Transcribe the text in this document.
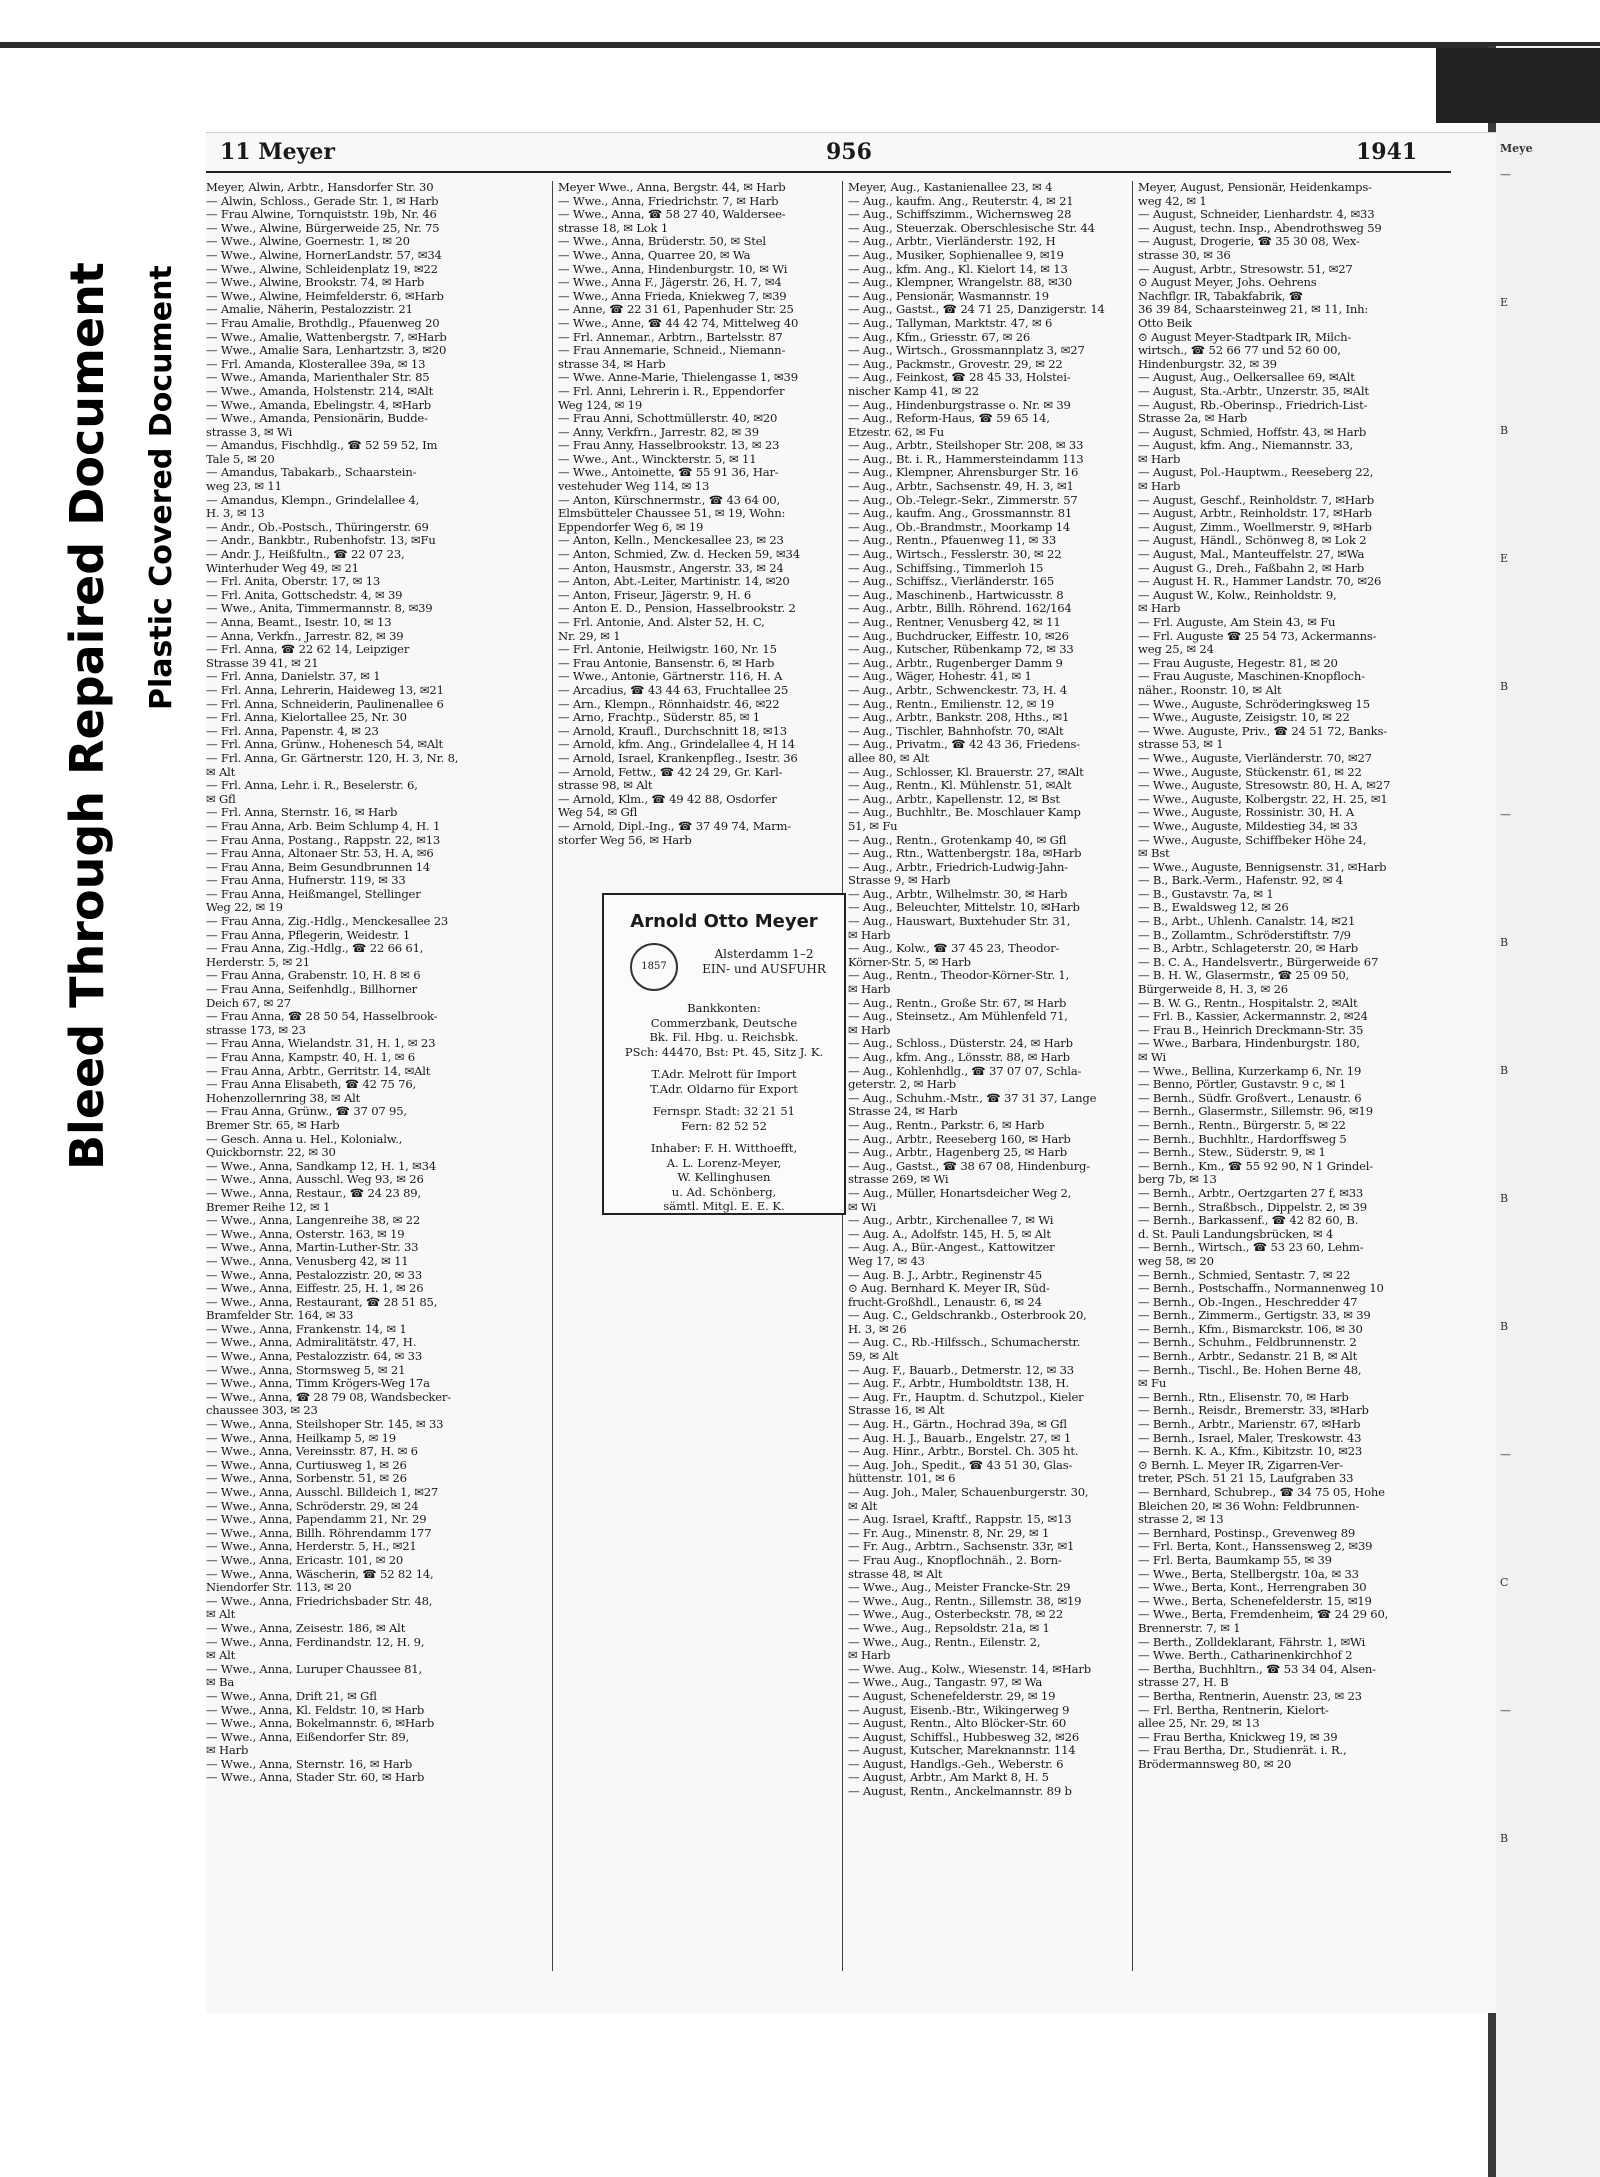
Meye
—
E
B
E
B
—
B
B
B
B
—
C
—
B
Bleed Through Repaired Document Plastic Covered Document
11 Meyer	956	1941
Meyer, Alwin, Arbtr., Hansdorfer Str. 30
— Alwin, Schloss., Gerade Str. 1, ✉ Harb
— Frau Alwine, Tornquiststr. 19b, Nr. 46
— Wwe., Alwine, Bürgerweide 25, Nr. 75
— Wwe., Alwine, Goernestr. 1, ✉ 20
— Wwe., Alwine, HornerLandstr. 57, ✉34
— Wwe., Alwine, Schleidenplatz 19, ✉22
— Wwe., Alwine, Brookstr. 74, ✉ Harb
— Wwe., Alwine, Heimfelderstr. 6, ✉Harb
— Amalie, Näherin, Pestalozzistr. 21
— Frau Amalie, Brothdlg., Pfauenweg 20
— Wwe., Amalie, Wattenbergstr. 7, ✉Harb
— Wwe., Amalie Sara, Lenhartzstr. 3, ✉20
— Frl. Amanda, Klosterallee 39a, ✉ 13
— Wwe., Amanda, Marienthaler Str. 85
— Wwe., Amanda, Holstenstr. 214, ✉Alt
— Wwe., Amanda, Ebelingstr. 4, ✉Harb
— Wwe., Amanda, Pensionärin, Budde-
strasse 3, ✉ Wi
— Amandus, Fischhdlg., ☎ 52 59 52, Im
Tale 5, ✉ 20
— Amandus, Tabakarb., Schaarstein-
weg 23, ✉ 11
— Amandus, Klempn., Grindelallee 4,
H. 3, ✉ 13
— Andr., Ob.-Postsch., Thüringerstr. 69
— Andr., Bankbtr., Rubenhofstr. 13, ✉Fu
— Andr. J., Heißfultn., ☎ 22 07 23,
Winterhuder Weg 49, ✉ 21
— Frl. Anita, Oberstr. 17, ✉ 13
— Frl. Anita, Gottschedstr. 4, ✉ 39
— Wwe., Anita, Timmermannstr. 8, ✉39
— Anna, Beamt., Isestr. 10, ✉ 13
— Anna, Verkfn., Jarrestr. 82, ✉ 39
— Frl. Anna, ☎ 22 62 14, Leipziger
Strasse 39 41, ✉ 21
— Frl. Anna, Danielstr. 37, ✉ 1
— Frl. Anna, Lehrerin, Haideweg 13, ✉21
— Frl. Anna, Schneiderin, Paulinenallee 6
— Frl. Anna, Kielortallee 25, Nr. 30
— Frl. Anna, Papenstr. 4, ✉ 23
— Frl. Anna, Grünw., Hohenesch 54, ✉Alt
— Frl. Anna, Gr. Gärtnerstr. 120, H. 3, Nr. 8,
✉ Alt
— Frl. Anna, Lehr. i. R., Beselerstr. 6,
✉ Gfl
— Frl. Anna, Sternstr. 16, ✉ Harb
— Frau Anna, Arb. Beim Schlump 4, H. 1
— Frau Anna, Postang., Rappstr. 22, ✉13
— Frau Anna, Altonaer Str. 53, H. A, ✉6
— Frau Anna, Beim Gesundbrunnen 14
— Frau Anna, Hufnerstr. 119, ✉ 33
— Frau Anna, Heißmangel, Stellinger
Weg 22, ✉ 19
— Frau Anna, Zig.-Hdlg., Menckesallee 23
— Frau Anna, Pflegerin, Weidestr. 1
— Frau Anna, Zig.-Hdlg., ☎ 22 66 61,
Herderstr. 5, ✉ 21
— Frau Anna, Grabenstr. 10, H. 8 ✉ 6
— Frau Anna, Seifenhdlg., Billhorner
Deich 67, ✉ 27
— Frau Anna, ☎ 28 50 54, Hasselbrook-
strasse 173, ✉ 23
— Frau Anna, Wielandstr. 31, H. 1, ✉ 23
— Frau Anna, Kampstr. 40, H. 1, ✉ 6
— Frau Anna, Arbtr., Gerritstr. 14, ✉Alt
— Frau Anna Elisabeth, ☎ 42 75 76,
Hohenzollernring 38, ✉ Alt
— Frau Anna, Grünw., ☎ 37 07 95,
Bremer Str. 65, ✉ Harb
— Gesch. Anna u. Hel., Kolonialw.,
Quickbornstr. 22, ✉ 30
— Wwe., Anna, Sandkamp 12, H. 1, ✉34
— Wwe., Anna, Ausschl. Weg 93, ✉ 26
— Wwe., Anna, Restaur., ☎ 24 23 89,
Bremer Reihe 12, ✉ 1
— Wwe., Anna, Langenreihe 38, ✉ 22
— Wwe., Anna, Osterstr. 163, ✉ 19
— Wwe., Anna, Martin-Luther-Str. 33
— Wwe., Anna, Venusberg 42, ✉ 11
— Wwe., Anna, Pestalozzistr. 20, ✉ 33
— Wwe., Anna, Eiffestr. 25, H. 1, ✉ 26
— Wwe., Anna, Restaurant, ☎ 28 51 85,
Bramfelder Str. 164, ✉ 33
— Wwe., Anna, Frankenstr. 14, ✉ 1
— Wwe., Anna, Admiralitätstr. 47, H.
— Wwe., Anna, Pestalozzistr. 64, ✉ 33
— Wwe., Anna, Stormsweg 5, ✉ 21
— Wwe., Anna, Timm Krögers-Weg 17a
— Wwe., Anna, ☎ 28 79 08, Wandsbecker-
chaussee 303, ✉ 23
— Wwe., Anna, Steilshoper Str. 145, ✉ 33
— Wwe., Anna, Heilkamp 5, ✉ 19
— Wwe., Anna, Vereinsstr. 87, H. ✉ 6
— Wwe., Anna, Curtiusweg 1, ✉ 26
— Wwe., Anna, Sorbenstr. 51, ✉ 26
— Wwe., Anna, Ausschl. Billdeich 1, ✉27
— Wwe., Anna, Schröderstr. 29, ✉ 24
— Wwe., Anna, Papendamm 21, Nr. 29
— Wwe., Anna, Billh. Röhrendamm 177
— Wwe., Anna, Herderstr. 5, H., ✉21
— Wwe., Anna, Ericastr. 101, ✉ 20
— Wwe., Anna, Wäscherin, ☎ 52 82 14,
Niendorfer Str. 113, ✉ 20
— Wwe., Anna, Friedrichsbader Str. 48,
✉ Alt
— Wwe., Anna, Zeisestr. 186, ✉ Alt
— Wwe., Anna, Ferdinandstr. 12, H. 9,
✉ Alt
— Wwe., Anna, Luruper Chaussee 81,
✉ Ba
— Wwe., Anna, Drift 21, ✉ Gfl
— Wwe., Anna, Kl. Feldstr. 10, ✉ Harb
— Wwe., Anna, Bokelmannstr. 6, ✉Harb
— Wwe., Anna, Eißendorfer Str. 89,
✉ Harb
— Wwe., Anna, Sternstr. 16, ✉ Harb
— Wwe., Anna, Stader Str. 60, ✉ Harb
Meyer Wwe., Anna, Bergstr. 44, ✉ Harb
— Wwe., Anna, Friedrichstr. 7, ✉ Harb
— Wwe., Anna, ☎ 58 27 40, Waldersee-
strasse 18, ✉ Lok 1
— Wwe., Anna, Brüderstr. 50, ✉ Stel
— Wwe., Anna, Quarree 20, ✉ Wa
— Wwe., Anna, Hindenburgstr. 10, ✉ Wi
— Wwe., Anna F., Jägerstr. 26, H. 7, ✉4
— Wwe., Anna Frieda, Kniekweg 7, ✉39
— Anne, ☎ 22 31 61, Papenhuder Str. 25
— Wwe., Anne, ☎ 44 42 74, Mittelweg 40
— Frl. Annemar., Arbtrn., Bartelsstr. 87
— Frau Annemarie, Schneid., Niemann-
strasse 34, ✉ Harb
— Wwe. Anne-Marie, Thielengasse 1, ✉39
— Frl. Anni, Lehrerin i. R., Eppendorfer
Weg 124, ✉ 19
— Frau Anni, Schottmüllerstr. 40, ✉20
— Anny, Verkfrn., Jarrestr. 82, ✉ 39
— Frau Anny, Hasselbrookstr. 13, ✉ 23
— Wwe., Ant., Winckterstr. 5, ✉ 11
— Wwe., Antoinette, ☎ 55 91 36, Har-
vestehuder Weg 114, ✉ 13
— Anton, Kürschnermstr., ☎ 43 64 00,
Elmsbütteler Chaussee 51, ✉ 19, Wohn:
Eppendorfer Weg 6, ✉ 19
— Anton, Kelln., Menckesallee 23, ✉ 23
— Anton, Schmied, Zw. d. Hecken 59, ✉34
— Anton, Hausmstr., Angerstr. 33, ✉ 24
— Anton, Abt.-Leiter, Martinistr. 14, ✉20
— Anton, Friseur, Jägerstr. 9, H. 6
— Anton E. D., Pension, Hasselbrookstr. 2
— Frl. Antonie, And. Alster 52, H. C,
Nr. 29, ✉ 1
— Frl. Antonie, Heilwigstr. 160, Nr. 15
— Frau Antonie, Bansenstr. 6, ✉ Harb
— Wwe., Antonie, Gärtnerstr. 116, H. A
— Arcadius, ☎ 43 44 63, Fruchtallee 25
— Arn., Klempn., Rönnhaidstr. 46, ✉22
— Arno, Frachtp., Süderstr. 85, ✉ 1
— Arnold, Kraufl., Durchschnitt 18, ✉13
— Arnold, kfm. Ang., Grindelallee 4, H 14
— Arnold, Israel, Krankenpfleg., Isestr. 36
— Arnold, Fettw., ☎ 42 24 29, Gr. Karl-
strasse 98, ✉ Alt
— Arnold, Klm., ☎ 49 42 88, Osdorfer
Weg 54, ✉ Gfl
— Arnold, Dipl.-Ing., ☎ 37 49 74, Marm-
storfer Weg 56, ✉ Harb
Meyer, Aug., Kastanienallee 23, ✉ 4
— Aug., kaufm. Ang., Reuterstr. 4, ✉ 21
— Aug., Schiffszimm., Wichernsweg 28
— Aug., Steuerzak. Oberschlesische Str. 44
— Aug., Arbtr., Vierländerstr. 192, H
— Aug., Musiker, Sophienallee 9, ✉19
— Aug., kfm. Ang., Kl. Kielort 14, ✉ 13
— Aug., Klempner, Wrangelstr. 88, ✉30
— Aug., Pensionär, Wasmannstr. 19
— Aug., Gastst., ☎ 24 71 25, Danzigerstr. 14
— Aug., Tallyman, Marktstr. 47, ✉ 6
— Aug., Kfm., Griesstr. 67, ✉ 26
— Aug., Wirtsch., Grossmannplatz 3, ✉27
— Aug., Packmstr., Grovestr. 29, ✉ 22
— Aug., Feinkost, ☎ 28 45 33, Holstei-
nischer Kamp 41, ✉ 22
— Aug., Hindenburgstrasse o. Nr. ✉ 39
— Aug., Reform-Haus, ☎ 59 65 14,
Etzestr. 62, ✉ Fu
— Aug., Arbtr., Steilshoper Str. 208, ✉ 33
— Aug., Bt. i. R., Hammersteindamm 113
— Aug., Klempner, Ahrensburger Str. 16
— Aug., Arbtr., Sachsenstr. 49, H. 3, ✉1
— Aug., Ob.-Telegr.-Sekr., Zimmerstr. 57
— Aug., kaufm. Ang., Grossmannstr. 81
— Aug., Ob.-Brandmstr., Moorkamp 14
— Aug., Rentn., Pfauenweg 11, ✉ 33
— Aug., Wirtsch., Fesslerstr. 30, ✉ 22
— Aug., Schiffsing., Timmerloh 15
— Aug., Schiffsz., Vierländerstr. 165
— Aug., Maschinenb., Hartwicusstr. 8
— Aug., Arbtr., Billh. Röhrend. 162/164
— Aug., Rentner, Venusberg 42, ✉ 11
— Aug., Buchdrucker, Eiffestr. 10, ✉26
— Aug., Kutscher, Rübenkamp 72, ✉ 33
— Aug., Arbtr., Rugenberger Damm 9
— Aug., Wäger, Hohestr. 41, ✉ 1
— Aug., Arbtr., Schwenckestr. 73, H. 4
— Aug., Rentn., Emilienstr. 12, ✉ 19
— Aug., Arbtr., Bankstr. 208, Hths., ✉1
— Aug., Tischler, Bahnhofstr. 70, ✉Alt
— Aug., Privatm., ☎ 42 43 36, Friedens-
allee 80, ✉ Alt
— Aug., Schlosser, Kl. Brauerstr. 27, ✉Alt
— Aug., Rentn., Kl. Mühlenstr. 51, ✉Alt
— Aug., Arbtr., Kapellenstr. 12, ✉ Bst
— Aug., Buchhltr., Be. Moschlauer Kamp
51, ✉ Fu
— Aug., Rentn., Grotenkamp 40, ✉ Gfl
— Aug., Rtn., Wattenbergstr. 18a, ✉Harb
— Aug., Arbtr., Friedrich-Ludwig-Jahn-
Strasse 9, ✉ Harb
— Aug., Arbtr., Wilhelmstr. 30, ✉ Harb
— Aug., Beleuchter, Mittelstr. 10, ✉Harb
— Aug., Hauswart, Buxtehuder Str. 31,
✉ Harb
— Aug., Kolw., ☎ 37 45 23, Theodor-
Körner-Str. 5, ✉ Harb
— Aug., Rentn., Theodor-Körner-Str. 1,
✉ Harb
— Aug., Rentn., Große Str. 67, ✉ Harb
— Aug., Steinsetz., Am Mühlenfeld 71,
✉ Harb
— Aug., Schloss., Düsterstr. 24, ✉ Harb
— Aug., kfm. Ang., Lönsstr. 88, ✉ Harb
— Aug., Kohlenhdlg., ☎ 37 07 07, Schla-
geterstr. 2, ✉ Harb
— Aug., Schuhm.-Mstr., ☎ 37 31 37, Lange
Strasse 24, ✉ Harb
— Aug., Rentn., Parkstr. 6, ✉ Harb
— Aug., Arbtr., Reeseberg 160, ✉ Harb
— Aug., Arbtr., Hagenberg 25, ✉ Harb
— Aug., Gastst., ☎ 38 67 08, Hindenburg-
strasse 269, ✉ Wi
— Aug., Müller, Honartsdeicher Weg 2,
✉ Wi
— Aug., Arbtr., Kirchenallee 7, ✉ Wi
— Aug. A., Adolfstr. 145, H. 5, ✉ Alt
— Aug. A., Bür.-Angest., Kattowitzer
Weg 17, ✉ 43
— Aug. B. J., Arbtr., Reginenstr 45
⊙ Aug. Bernhard K. Meyer IR, Süd-
frucht-Großhdl., Lenaustr. 6, ✉ 24
— Aug. C., Geldschrankb., Osterbrook 20,
H. 3, ✉ 26
— Aug. C., Rb.-Hilfssch., Schumacherstr.
59, ✉ Alt
— Aug. F., Bauarb., Detmerstr. 12, ✉ 33
— Aug. F., Arbtr., Humboldtstr. 138, H.
— Aug. Fr., Hauptm. d. Schutzpol., Kieler
Strasse 16, ✉ Alt
— Aug. H., Gärtn., Hochrad 39a, ✉ Gfl
— Aug. H. J., Bauarb., Engelstr. 27, ✉ 1
— Aug. Hinr., Arbtr., Borstel. Ch. 305 ht.
— Aug. Joh., Spedit., ☎ 43 51 30, Glas-
hüttenstr. 101, ✉ 6
— Aug. Joh., Maler, Schauenburgerstr. 30,
✉ Alt
— Aug. Israel, Kraftf., Rappstr. 15, ✉13
— Fr. Aug., Minenstr. 8, Nr. 29, ✉ 1
— Fr. Aug., Arbtrn., Sachsenstr. 33r, ✉1
— Frau Aug., Knopflochnäh., 2. Born-
strasse 48, ✉ Alt
— Wwe., Aug., Meister Francke-Str. 29
— Wwe., Aug., Rentn., Sillemstr. 38, ✉19
— Wwe., Aug., Osterbeckstr. 78, ✉ 22
— Wwe., Aug., Repsoldstr. 21a, ✉ 1
— Wwe., Aug., Rentn., Eilenstr. 2,
✉ Harb
— Wwe. Aug., Kolw., Wiesenstr. 14, ✉Harb
— Wwe., Aug., Tangastr. 97, ✉ Wa
— August, Schenefelderstr. 29, ✉ 19
— August, Eisenb.-Btr., Wikingerweg 9
— August, Rentn., Alto Blöcker-Str. 60
— August, Schiffsl., Hubbesweg 32, ✉26
— August, Kutscher, Mareknannstr. 114
— August, Handlgs.-Geh., Weberstr. 6
— August, Arbtr., Am Markt 8, H. 5
— August, Rentn., Anckelmannstr. 89 b
Meyer, August, Pensionär, Heidenkamps-
weg 42, ✉ 1
— August, Schneider, Lienhardstr. 4, ✉33
— August, techn. Insp., Abendrothsweg 59
— August, Drogerie, ☎ 35 30 08, Wex-
strasse 30, ✉ 36
— August, Arbtr., Stresowstr. 51, ✉27
⊙ August Meyer, Johs. Oehrens
Nachflgr. IR, Tabakfabrik, ☎
36 39 84, Schaarsteinweg 21, ✉ 11, Inh:
Otto Beik
⊙ August Meyer-Stadtpark IR, Milch-
wirtsch., ☎ 52 66 77 und 52 60 00,
Hindenburgstr. 32, ✉ 39
— August, Aug., Oelkersallee 69, ✉Alt
— August, Sta.-Arbtr., Unzerstr. 35, ✉Alt
— August, Rb.-Oberinsp., Friedrich-List-
Strasse 2a, ✉ Harb
— August, Schmied, Hoffstr. 43, ✉ Harb
— August, kfm. Ang., Niemannstr. 33,
✉ Harb
— August, Pol.-Hauptwm., Reeseberg 22,
✉ Harb
— August, Geschf., Reinholdstr. 7, ✉Harb
— August, Arbtr., Reinholdstr. 17, ✉Harb
— August, Zimm., Woellmerstr. 9, ✉Harb
— August, Händl., Schönweg 8, ✉ Lok 2
— August, Mal., Manteuffelstr. 27, ✉Wa
— August G., Dreh., Faßbahn 2, ✉ Harb
— August H. R., Hammer Landstr. 70, ✉26
— August W., Kolw., Reinholdstr. 9,
✉ Harb
— Frl. Auguste, Am Stein 43, ✉ Fu
— Frl. Auguste ☎ 25 54 73, Ackermanns-
weg 25, ✉ 24
— Frau Auguste, Hegestr. 81, ✉ 20
— Frau Auguste, Maschinen-Knopfloch-
näher., Roonstr. 10, ✉ Alt
— Wwe., Auguste, Schröderingksweg 15
— Wwe., Auguste, Zeisigstr. 10, ✉ 22
— Wwe. Auguste, Priv., ☎ 24 51 72, Banks-
strasse 53, ✉ 1
— Wwe., Auguste, Vierländerstr. 70, ✉27
— Wwe., Auguste, Stückenstr. 61, ✉ 22
— Wwe., Auguste, Stresowstr. 80, H. A, ✉27
— Wwe., Auguste, Kolbergstr. 22, H. 25, ✉1
— Wwe., Auguste, Rossinistr. 30, H. A
— Wwe., Auguste, Mildestieg 34, ✉ 33
— Wwe., Auguste, Schiffbeker Höhe 24,
✉ Bst
— Wwe., Auguste, Bennigsenstr. 31, ✉Harb
— B., Bark.-Verm., Hafenstr. 92, ✉ 4
— B., Gustavstr. 7a, ✉ 1
— B., Ewaldsweg 12, ✉ 26
— B., Arbt., Uhlenh. Canalstr. 14, ✉21
— B., Zollamtm., Schröderstiftstr. 7/9
— B., Arbtr., Schlageterstr. 20, ✉ Harb
— B. C. A., Handelsvertr., Bürgerweide 67
— B. H. W., Glasermstr., ☎ 25 09 50,
Bürgerweide 8, H. 3, ✉ 26
— B. W. G., Rentn., Hospitalstr. 2, ✉Alt
— Frl. B., Kassier, Ackermannstr. 2, ✉24
— Frau B., Heinrich Dreckmann-Str. 35
— Wwe., Barbara, Hindenburgstr. 180,
✉ Wi
— Wwe., Bellina, Kurzerkamp 6, Nr. 19
— Benno, Pörtler, Gustavstr. 9 c, ✉ 1
— Bernh., Südfr. Großvert., Lenaustr. 6
— Bernh., Glasermstr., Sillemstr. 96, ✉19
— Bernh., Rentn., Bürgerstr. 5, ✉ 22
— Bernh., Buchhltr., Hardorffsweg 5
— Bernh., Stew., Süderstr. 9, ✉ 1
— Bernh., Km., ☎ 55 92 90, N 1 Grindel-
berg 7b, ✉ 13
— Bernh., Arbtr., Oertzgarten 27 f, ✉33
— Bernh., Straßbsch., Dippelstr. 2, ✉ 39
— Bernh., Barkassenf., ☎ 42 82 60, B.
d. St. Pauli Landungsbrücken, ✉ 4
— Bernh., Wirtsch., ☎ 53 23 60, Lehm-
weg 58, ✉ 20
— Bernh., Schmied, Sentastr. 7, ✉ 22
— Bernh., Postschaffn., Normannenweg 10
— Bernh., Ob.-Ingen., Heschredder 47
— Bernh., Zimmerm., Gertigstr. 33, ✉ 39
— Bernh., Kfm., Bismarckstr. 106, ✉ 30
— Bernh., Schuhm., Feldbrunnenstr. 2
— Bernh., Arbtr., Sedanstr. 21 B, ✉ Alt
— Bernh., Tischl., Be. Hohen Berne 48,
✉ Fu
— Bernh., Rtn., Elisenstr. 70, ✉ Harb
— Bernh., Reisdr., Bremerstr. 33, ✉Harb
— Bernh., Arbtr., Marienstr. 67, ✉Harb
— Bernh., Israel, Maler, Treskowstr. 43
— Bernh. K. A., Kfm., Kibitzstr. 10, ✉23
⊙ Bernh. L. Meyer IR, Zigarren-Ver-
treter, PSch. 51 21 15, Laufgraben 33
— Bernhard, Schubrep., ☎ 34 75 05, Hohe
Bleichen 20, ✉ 36 Wohn: Feldbrunnen-
strasse 2, ✉ 13
— Bernhard, Postinsp., Grevenweg 89
— Frl. Berta, Kont., Hanssensweg 2, ✉39
— Frl. Berta, Baumkamp 55, ✉ 39
— Wwe., Berta, Stellbergstr. 10a, ✉ 33
— Wwe., Berta, Kont., Herrengraben 30
— Wwe., Berta, Schenefelderstr. 15, ✉19
— Wwe., Berta, Fremdenheim, ☎ 24 29 60,
Brennerstr. 7, ✉ 1
— Berth., Zolldeklarant, Fährstr. 1, ✉Wi
— Wwe. Berth., Catharinenkirchhof 2
— Bertha, Buchhltrn., ☎ 53 34 04, Alsen-
strasse 27, H. B
— Bertha, Rentnerin, Auenstr. 23, ✉ 23
— Frl. Bertha, Rentnerin, Kielort-
allee 25, Nr. 29, ✉ 13
— Frau Bertha, Knickweg 19, ✉ 39
— Frau Bertha, Dr., Studienrät. i. R.,
Brödermannsweg 80, ✉ 20
Arnold Otto Meyer
1857
Alsterdamm 1–2
EIN- und AUSFUHR
Bankkonten:
Commerzbank, Deutsche
Bk. Fil. Hbg. u. Reichsbk.
PSch: 44470, Bst: Pt. 45, Sitz J. K.
T.Adr. Melrott für Import
T.Adr. Oldarno für Export
Fernspr. Stadt: 32 21 51
Fern: 82 52 52
Inhaber: F. H. Witthoefft,
A. L. Lorenz-Meyer,
W. Kellinghusen
u. Ad. Schönberg,
sämtl. Mitgl. E. E. K.
